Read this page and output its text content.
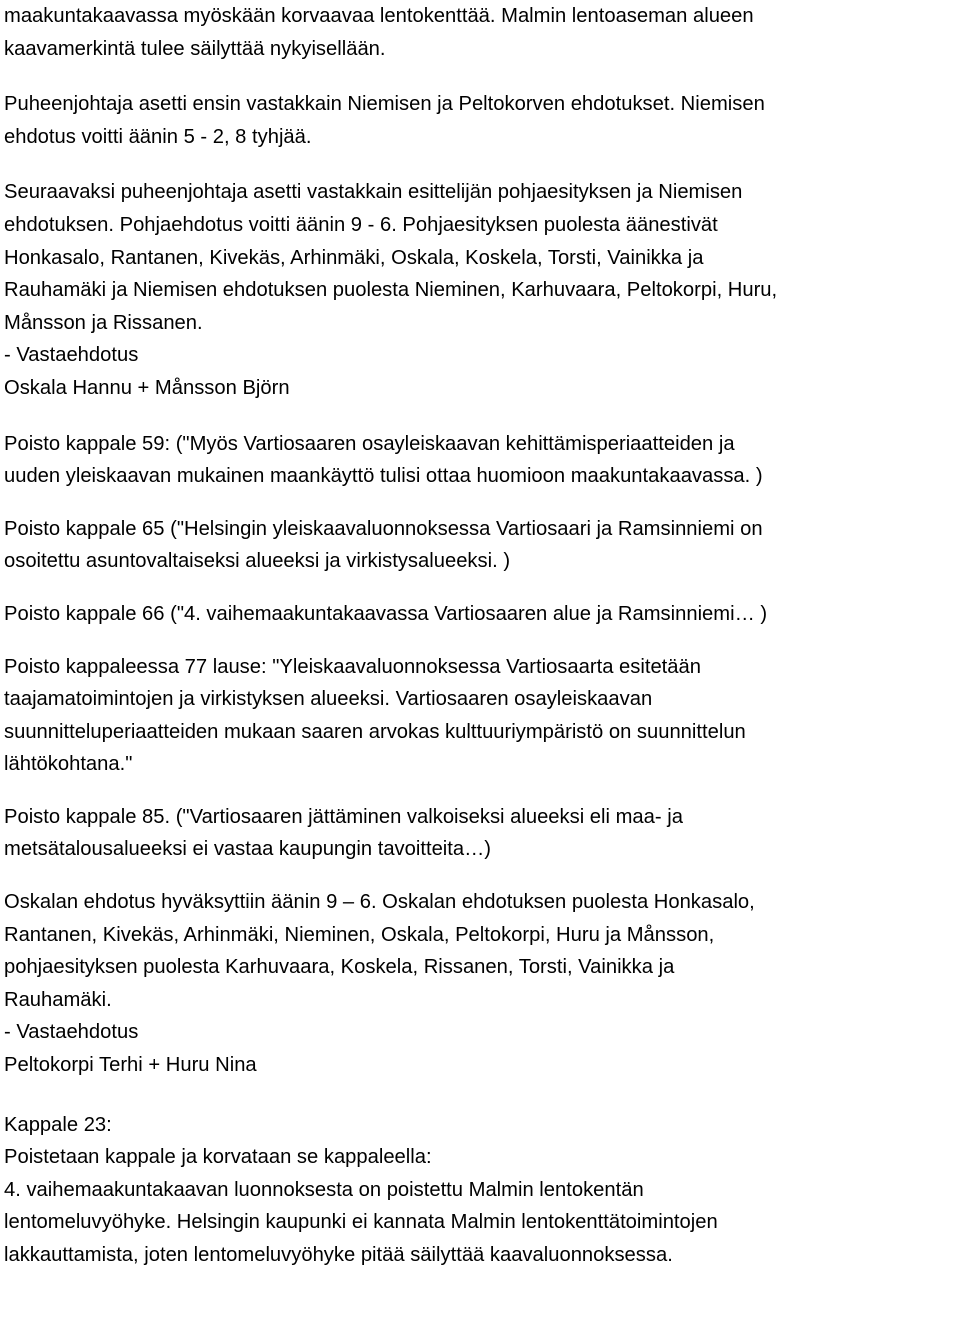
maakuntakaavassa myöskään korvaavaa lentokenttää. Malmin lentoaseman alueen
kaavamerkintä tulee säilyttää nykyisellään.
Puheenjohtaja asetti ensin vastakkain Niemisen ja Peltokorven ehdotukset. Niemisen
ehdotus voitti äänin 5 - 2, 8 tyhjää.
Seuraavaksi puheenjohtaja asetti vastakkain esittelijän pohjaesityksen ja Niemisen
ehdotuksen. Pohjaehdotus voitti äänin 9 - 6. Pohjaesityksen puolesta äänestivät
Honkasalo, Rantanen, Kivekäs, Arhinmäki, Oskala, Koskela, Torsti, Vainikka ja
Rauhamäki ja Niemisen ehdotuksen puolesta Nieminen, Karhuvaara, Peltokorpi, Huru,
Månsson ja Rissanen.
- Vastaehdotus
Oskala Hannu + Månsson Björn
Poisto kappale 59: ("Myös Vartiosaaren osayleiskaavan kehittämisperiaatteiden ja
uuden yleiskaavan mukainen maankäyttö tulisi ottaa huomioon maakuntakaavassa. )
Poisto kappale 65 ("Helsingin yleiskaavaluonnoksessa Vartiosaari ja Ramsinniemi on
osoitettu asuntovaltaiseksi alueeksi ja virkistysalueeksi. )
Poisto kappale 66 ("4. vaihemaakuntakaavassa Vartiosaaren alue ja Ramsinniemi… )
Poisto kappaleessa 77 lause: "Yleiskaavaluonnoksessa Vartiosaarta esitetään
taajamatoimintojen ja virkistyksen alueeksi. Vartiosaaren osayleiskaavan
suunnitteluperiaatteiden mukaan saaren arvokas kulttuuriympäristö on suunnittelun
lähtökohtana."
Poisto kappale 85. ("Vartiosaaren jättäminen valkoiseksi alueeksi eli maa- ja
metsätalousalueeksi ei vastaa kaupungin tavoitteita…)
Oskalan ehdotus hyväksyttiin äänin 9 – 6. Oskalan ehdotuksen puolesta Honkasalo,
Rantanen, Kivekäs, Arhinmäki, Nieminen, Oskala, Peltokorpi, Huru ja Månsson,
pohjaesityksen puolesta Karhuvaara, Koskela, Rissanen, Torsti, Vainikka ja
Rauhamäki.
- Vastaehdotus
Peltokorpi Terhi + Huru Nina
Kappale 23:
Poistetaan kappale ja korvataan se kappaleella:
4. vaihemaakuntakaavan luonnoksesta on poistettu Malmin lentokentän
lentomeluvyöhyke. Helsingin kaupunki ei kannata Malmin lentokenttätoimintojen
lakkauttamista, joten lentomeluvyöhyke pitää säilyttää kaavaluonnoksessa.
